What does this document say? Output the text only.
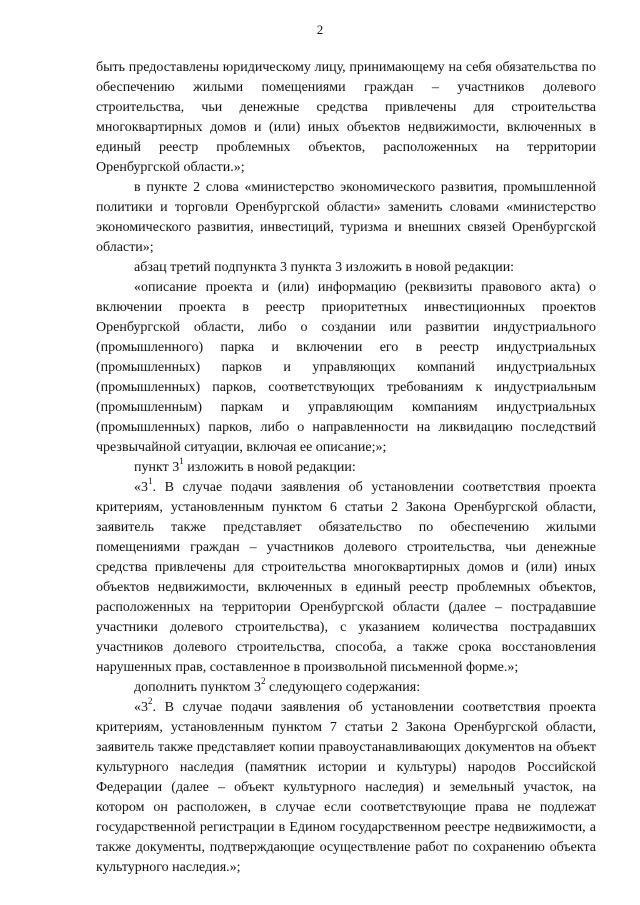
2

быть предоставлены юридическому лицу, принимающему на себя обязательства по обеспечению жилыми помещениями граждан – участников долевого строительства, чьи денежные средства привлечены для строительства многоквартирных домов и (или) иных объектов недвижимости, включенных в единый реестр проблемных объектов, расположенных на территории Оренбургской области.»;

в пункте 2 слова «министерство экономического развития, промышленной политики и торговли Оренбургской области» заменить словами «министерство экономического развития, инвестиций, туризма и внешних связей Оренбургской области»;

абзац третий подпункта 3 пункта 3 изложить в новой редакции:

«описание проекта и (или) информацию (реквизиты правового акта) о включении проекта в реестр приоритетных инвестиционных проектов Оренбургской области, либо о создании или развитии индустриального (промышленного) парка и включении его в реестр индустриальных (промышленных) парков и управляющих компаний индустриальных (промышленных) парков, соответствующих требованиям к индустриальным (промышленным) паркам и управляющим компаниям индустриальных (промышленных) парков, либо о направленности на ликвидацию последствий чрезвычайной ситуации, включая ее описание;»;

пункт $3^1$ изложить в новой редакции:

«$3^1$. В случае подачи заявления об установлении соответствия проекта критериям, установленным пунктом 6 статьи 2 Закона Оренбургской области, заявитель также представляет обязательство по обеспечению жилыми помещениями граждан – участников долевого строительства, чьи денежные средства привлечены для строительства многоквартирных домов и (или) иных объектов недвижимости, включенных в единый реестр проблемных объектов, расположенных на территории Оренбургской области (далее – пострадавшие участники долевого строительства), с указанием количества пострадавших участников долевого строительства, способа, а также срока восстановления нарушенных прав, составленное в произвольной письменной форме.»;

дополнить пунктом $3^2$ следующего содержания:

«$3^2$. В случае подачи заявления об установлении соответствия проекта критериям, установленным пунктом 7 статьи 2 Закона Оренбургской области, заявитель также представляет копии правоустанавливающих документов на объект культурного наследия (памятник истории и культуры) народов Российской Федерации (далее – объект культурного наследия) и земельный участок, на котором он расположен, в случае если соответствующие права не подлежат государственной регистрации в Едином государственном реестре недвижимости, а также документы, подтверждающие осуществление работ по сохранению объекта культурного наследия.»;
